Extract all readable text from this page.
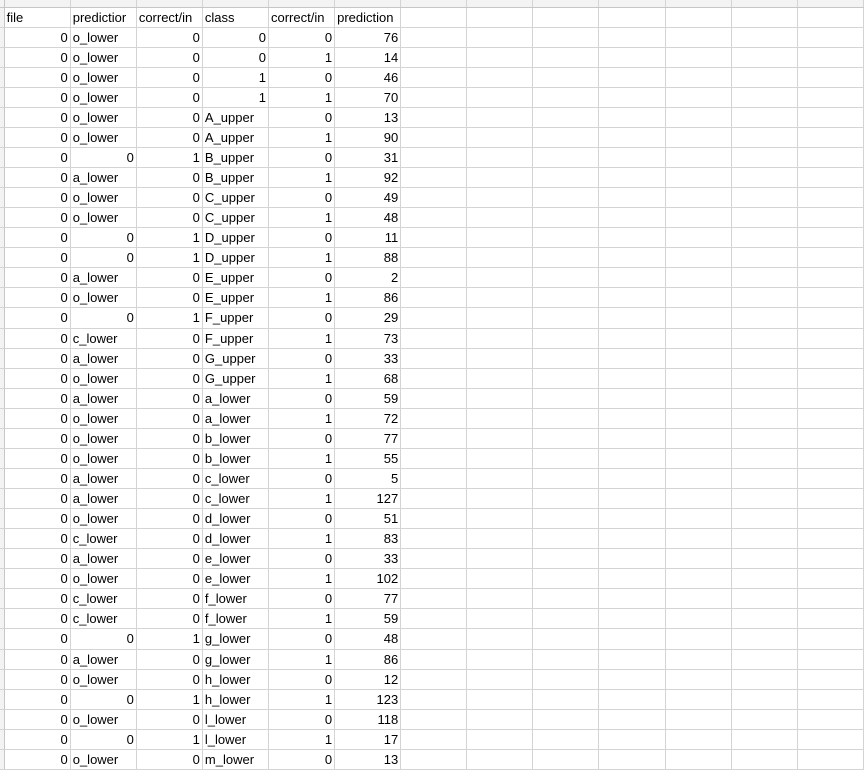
	file	predictior	correct/in	class	correct/in	prediction							
	0	o_lower	0	0	0	76							
	0	o_lower	0	0	1	14							
	0	o_lower	0	1	0	46							
	0	o_lower	0	1	1	70							
	0	o_lower	0	A_upper	0	13							
	0	o_lower	0	A_upper	1	90							
	0	0	1	B_upper	0	31							
	0	a_lower	0	B_upper	1	92							
	0	o_lower	0	C_upper	0	49							
	0	o_lower	0	C_upper	1	48							
	0	0	1	D_upper	0	11							
	0	0	1	D_upper	1	88							
	0	a_lower	0	E_upper	0	2							
	0	o_lower	0	E_upper	1	86							
	0	0	1	F_upper	0	29							
	0	c_lower	0	F_upper	1	73							
	0	a_lower	0	G_upper	0	33							
	0	o_lower	0	G_upper	1	68							
	0	a_lower	0	a_lower	0	59							
	0	o_lower	0	a_lower	1	72							
	0	o_lower	0	b_lower	0	77							
	0	o_lower	0	b_lower	1	55							
	0	a_lower	0	c_lower	0	5							
	0	a_lower	0	c_lower	1	127							
	0	o_lower	0	d_lower	0	51							
	0	c_lower	0	d_lower	1	83							
	0	a_lower	0	e_lower	0	33							
	0	o_lower	0	e_lower	1	102							
	0	c_lower	0	f_lower	0	77							
	0	c_lower	0	f_lower	1	59							
	0	0	1	g_lower	0	48							
	0	a_lower	0	g_lower	1	86							
	0	o_lower	0	h_lower	0	12							
	0	0	1	h_lower	1	123							
	0	o_lower	0	l_lower	0	118							
	0	0	1	l_lower	1	17							
	0	o_lower	0	m_lower	0	13							
